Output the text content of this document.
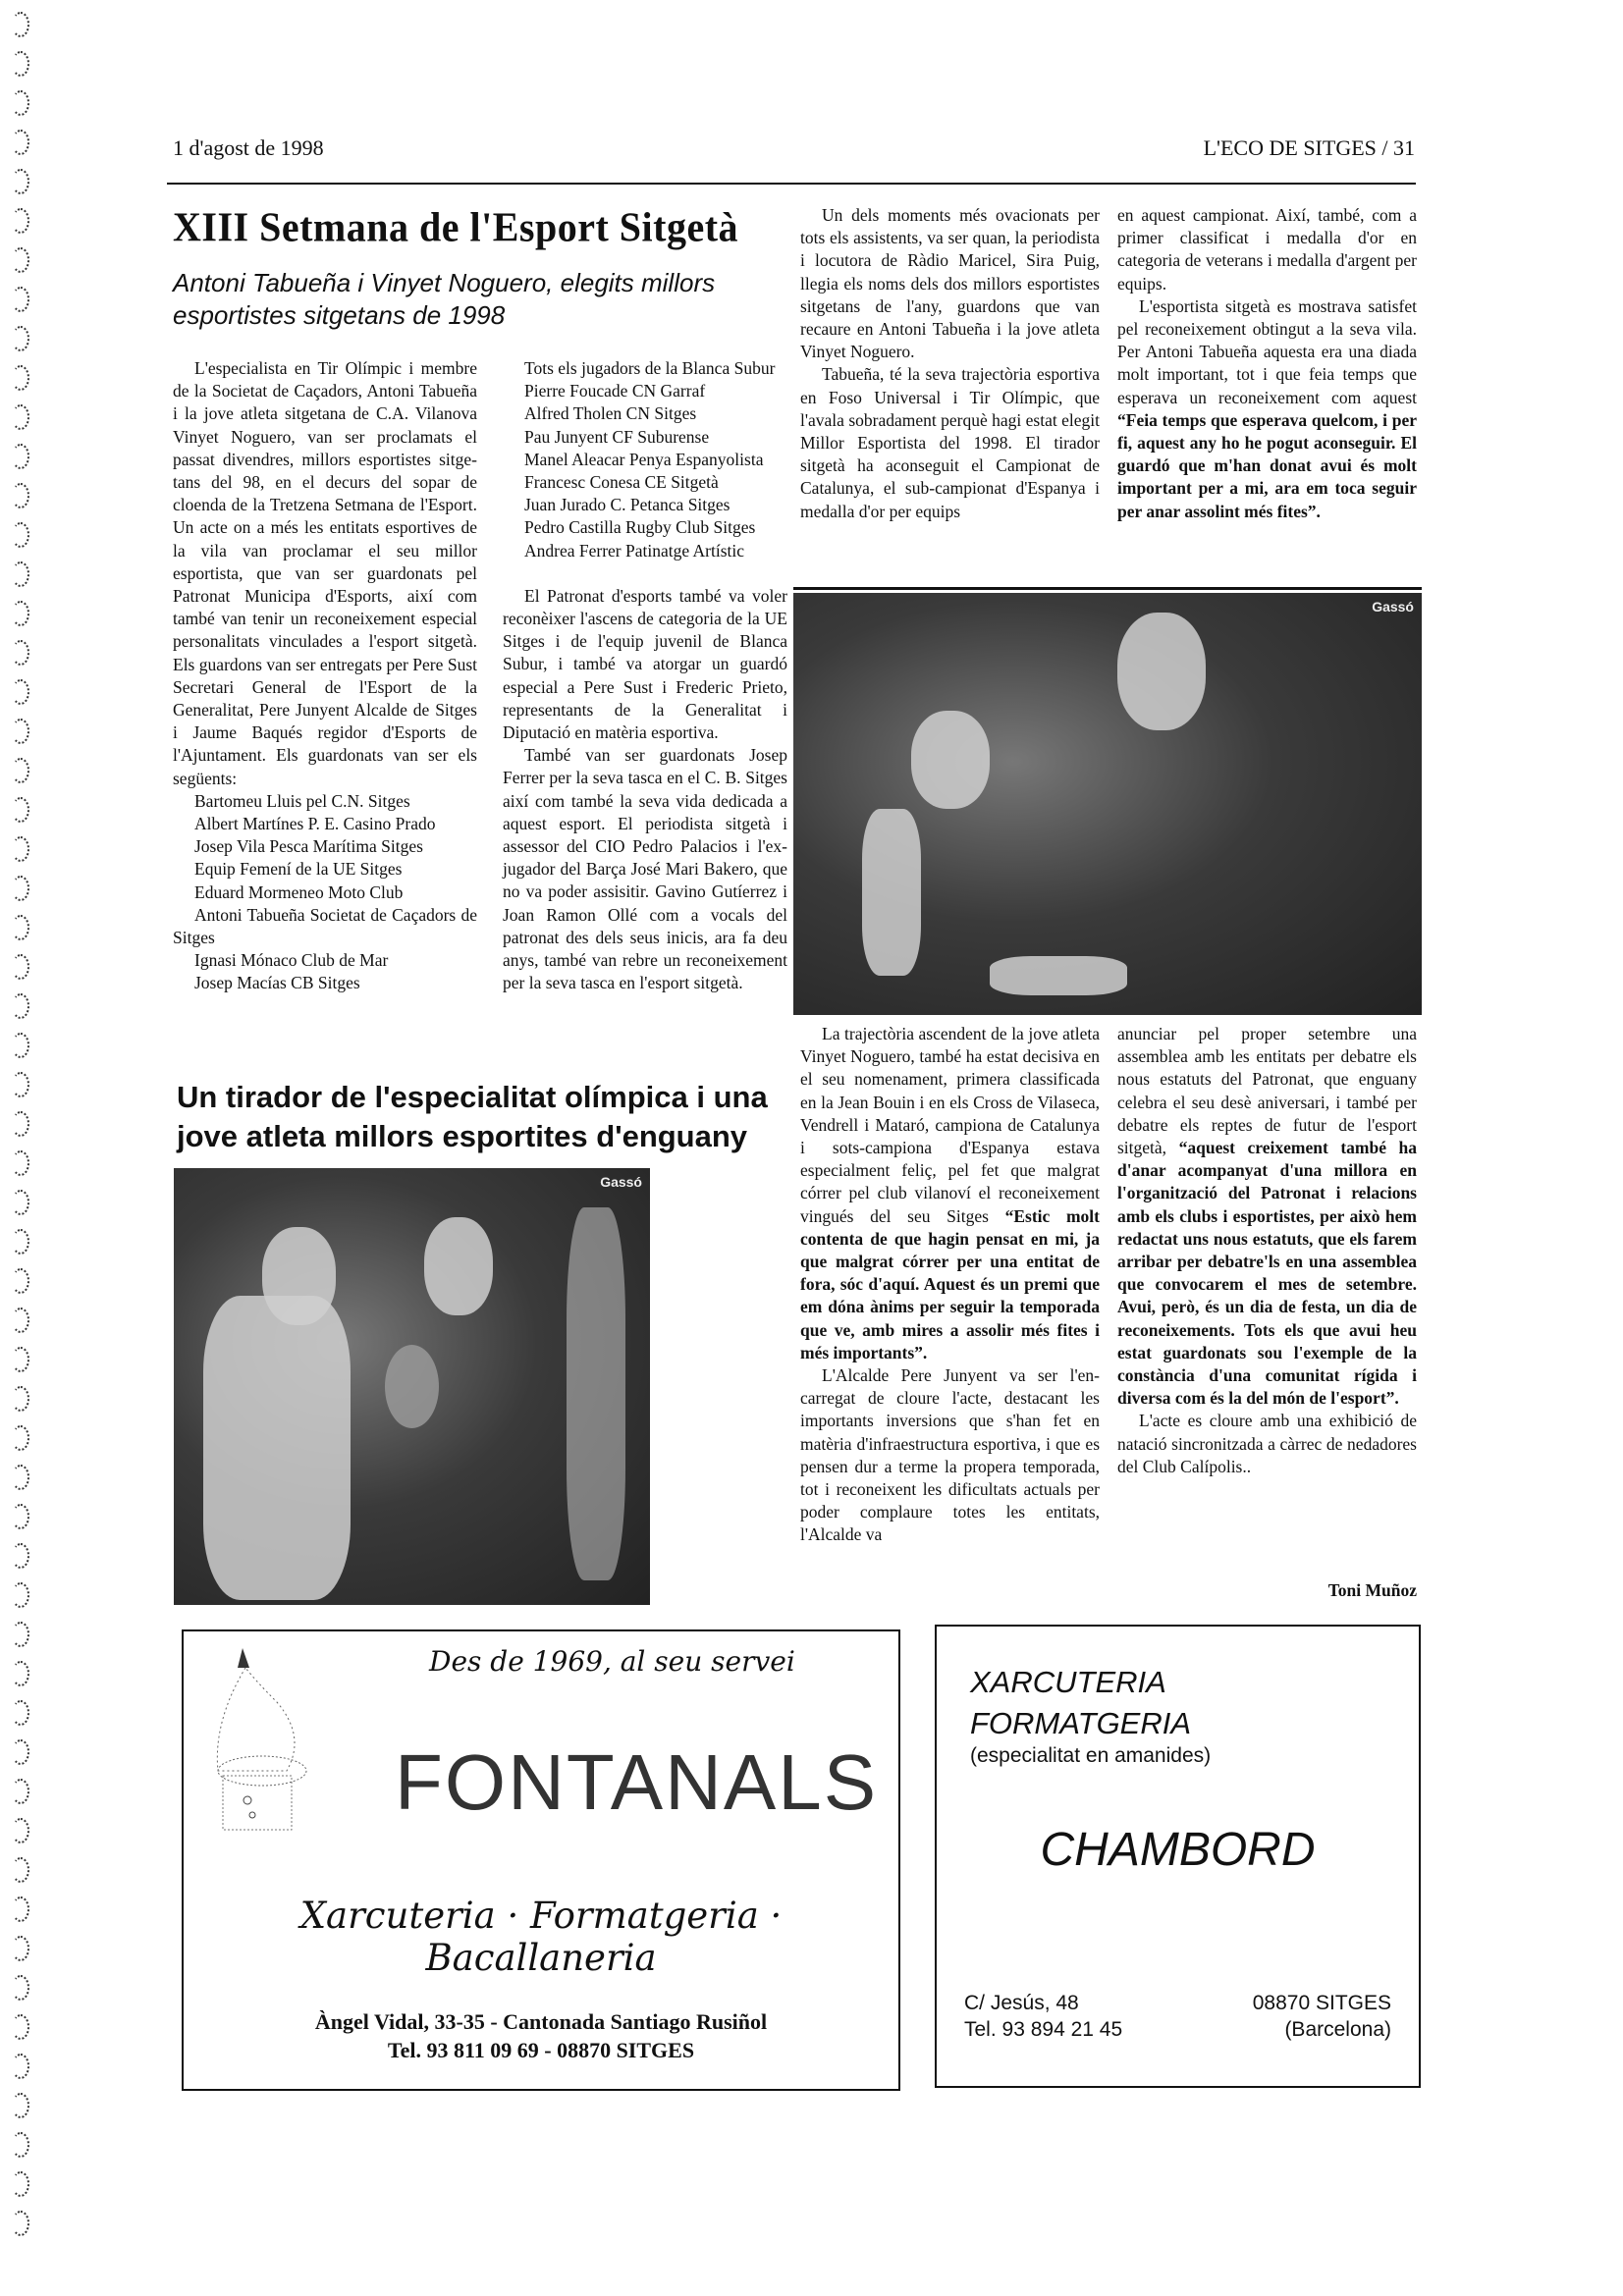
1 d'agost de 1998	L'ECO DE SITGES / 31
XIII Setmana de l'Esport Sitgetà
Antoni Tabueña i Vinyet Noguero, elegits millors esportistes sitgetans de 1998

L'especialista en Tir Olímpic i membre de la Societat de Caçadors, Antoni Tabueña i la jove atleta sitgetana de C.A. Vilanova Vinyet Noguero, van ser proclamats el passat divendres, millors esportistes sitgetans del 98, en el decurs del sopar de cloenda de la Tretzena Setmana de l'Esport. Un acte on a més les entitats esportives de la vila van proclamar el seu millor esportista, que van ser guardonats pel Patronat Municipa d'Esports, així com també van tenir un reconeixement especial personalitats vinculades a l'esport sitgetà. Els guardons van ser entregats per Pere Sust Secretari General de l'Esport de la Generalitat, Pere Junyent Alcalde de Sitges i Jaume Baqués regidor d'Esports de l'Ajuntament. Els guardonats van ser els següents:

Bartomeu Lluis pel C.N. Sitges

Albert Martínes P. E. Casino Prado

Josep Vila Pesca Marítima Sitges

Equip Femení de la UE Sitges

Eduard Mormeneo Moto Club

Antoni Tabueña Societat de Caçadors de Sitges

Ignasi Mónaco Club de Mar

Josep Macías CB Sitges

Tots els jugadors de la Blanca Subur

Pierre Foucade CN Garraf

Alfred Tholen CN Sitges

Pau Junyent CF Suburense

Manel Aleacar Penya Espanyolista

Francesc Conesa CE Sitgetà

Juan Jurado C. Petanca Sitges

Pedro Castilla Rugby Club Sitges

Andrea Ferrer Patinatge Artístic

El Patronat d'esports també va voler reconèixer l'ascens de categoria de la UE Sitges i de l'equip juvenil de Blanca Subur, i també va atorgar un guardó especial a Pere Sust i Frederic Prieto, representants de la Generalitat i Diputació en matèria esportiva.

També van ser guardonats Josep Ferrer per la seva tasca en el C. B. Sitges així com també la seva vida dedicada a aquest esport. El periodista sitgetà i assessor del CIO Pedro Palacios i l'ex-jugador del Barça José Mari Bakero, que no va poder assisitir. Gavino Gutíerrez i Joan Ramon Ollé com a vocals del patronat des dels seus inicis, ara fa deu anys, també van rebre un reconeixement per la seva tasca en l'esport sitgetà.

Un dels moments més ovacionats per tots els assistents, va ser quan, la periodista i locutora de Ràdio Maricel, Sira Puig, llegia els noms dels dos millors esportistes sitgetans de l'any, guardons que van recaure en Antoni Tabueña i la jove atleta Vinyet Noguero.

Tabueña, té la seva trajectòria esportiva en Foso Universal i Tir Olímpic, que l'avala sobradament perquè hagi estat elegit Millor Esportista del 1998. El tirador sitgetà ha aconseguit el Campionat de Catalunya, el sub-campionat d'Espanya i medalla d'or per equips

en aquest campionat. Així, també, com a primer classificat i medalla d'or en categoria de veterans i medalla d'argent per equips.

L'esportista sitgetà es mostrava satisfet pel reconeixement obtingut a la seva vila. Per Antoni Tabueña aquesta era una diada molt important, tot i que feia temps que esperava un reconeixement com aquest “Feia temps que esperava quelcom, i per fi, aquest any ho he pogut aconseguir. El guardó que m'han donat avui és molt important per a mi, ara em toca seguir per anar assolint més fites”.

Gassó

La trajectòria ascendent de la jove atleta Vinyet Noguero, també ha estat decisiva en el seu nomenament, primera classificada en la Jean Bouin i en els Cross de Vilaseca, Vendrell i Mataró, campiona de Catalunya i sots-campiona d'Espanya estava especialment feliç, pel fet que malgrat córrer pel club vilanoví el reconeixement vingués del seu Sitges “Estic molt contenta de que hagin pensat en mi, ja que malgrat córrer per una entitat de fora, sóc d'aquí. Aquest és un premi que em dóna ànims per seguir la temporada que ve, amb mires a assolir més fites i més importants”.

L'Alcalde Pere Junyent va ser l'encarregat de cloure l'acte, destacant les importants inversions que s'han fet en matèria d'infraestructura esportiva, i que es pensen dur a terme la propera temporada, tot i reconeixent les dificultats actuals per poder complaure totes les entitats, l'Alcalde va

anunciar pel proper setembre una assemblea amb les entitats per debatre els nous estatuts del Patronat, que enguany celebra el seu desè aniversari, i també per debatre els reptes de futur de l'esport sitgetà, “aquest creixement també ha d'anar acompanyat d'una millora en l'organització del Patronat i relacions amb els clubs i esportistes, per això hem redactat uns nous estatuts, que els farem arribar per debatre'ls en una assemblea que convocarem el mes de setembre. Avui, però, és un dia de festa, un dia de reconeixements. Tots els que avui heu estat guardonats sou l'exemple de la constància d'una comunitat rígida i diversa com és la del món de l'esport”.

L'acte es cloure amb una exhibició de natació sincronitzada a càrrec de nedadores del Club Calípolis..

Toni Muñoz
Un tirador de l'especialitat olímpica i una jove atleta millors esportites d'enguany
Gassó
Des de 1969, al seu servei
FONTANALS
Xarcuteria · Formatgeria · Bacallaneria
Àngel Vidal, 33-35 - Cantonada Santiago Rusiñol
Tel. 93 811 09 69 - 08870 SITGES
XARCUTERIA
FORMATGERIA
(especialitat en amanides)
CHAMBORD
C/ Jesús, 48
Tel. 93 894 21 45
08870 SITGES
(Barcelona)
